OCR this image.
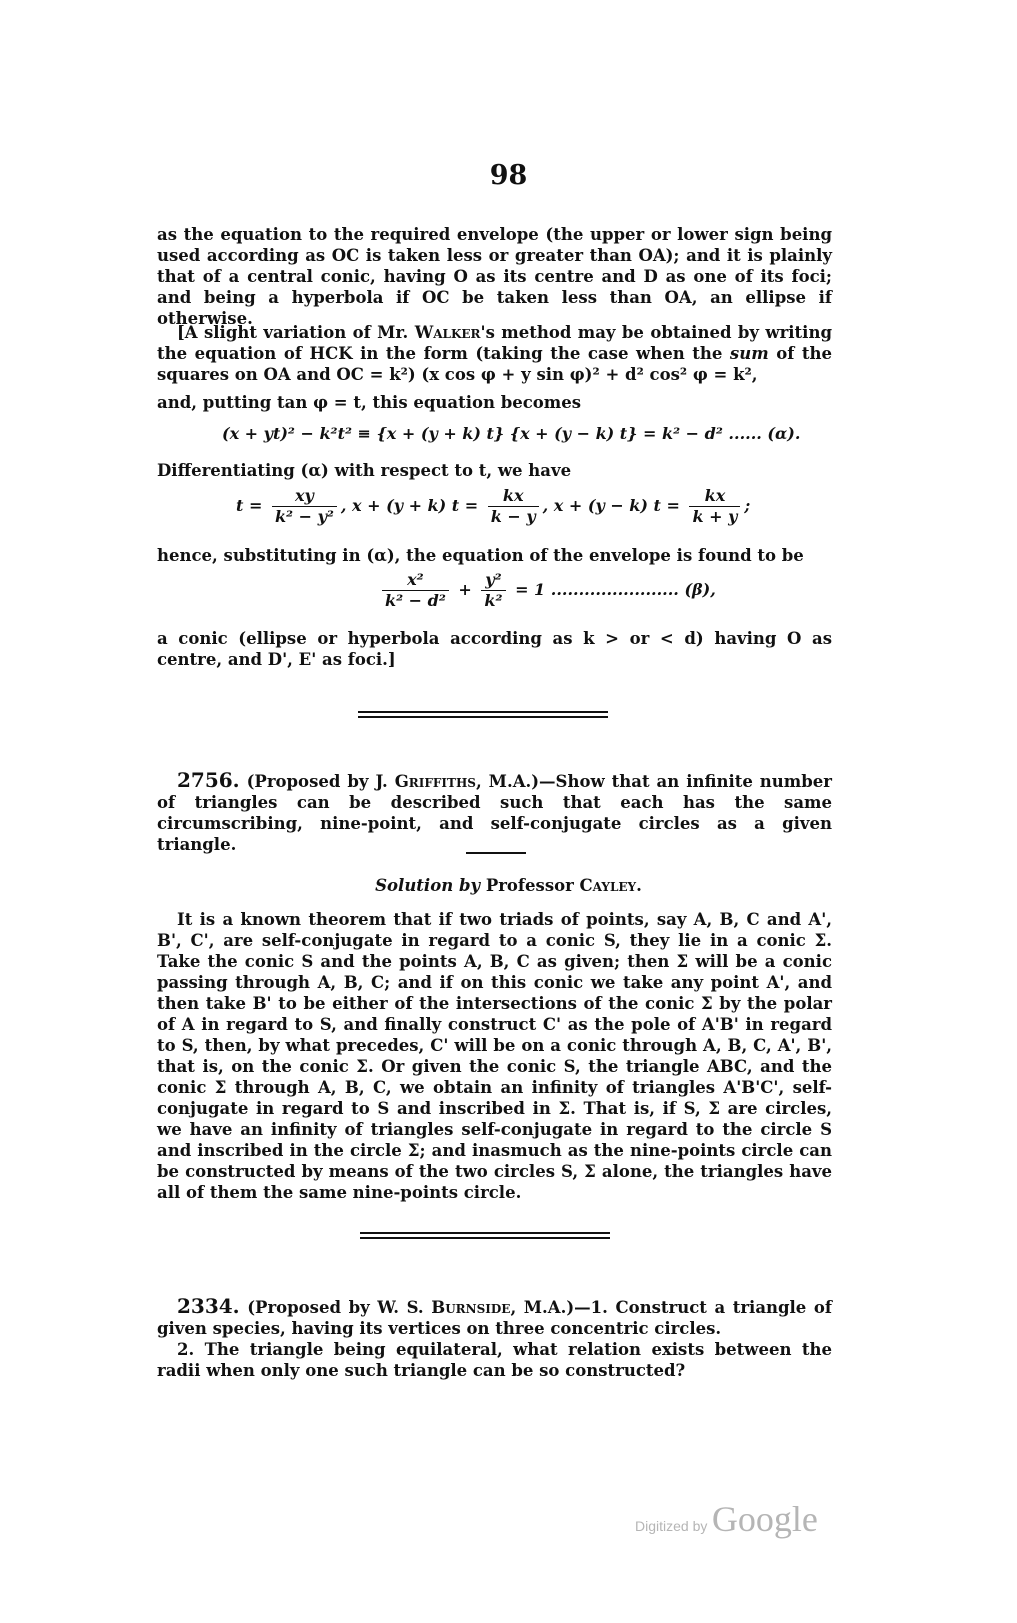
98

as the equation to the required envelope (the upper or lower sign being used according as OC is taken less or greater than OA); and it is plainly that of a central conic, having O as its centre and D as one of its foci; and being a hyperbola if OC be taken less than OA, an ellipse if otherwise.

[A slight variation of Mr. Walker's method may be obtained by writing the equation of HCK in the form (taking the case when the sum of the squares on OA and OC = k²) (x cos φ + y sin φ)² + d² cos² φ = k²,

and, putting tan φ = t, this equation becomes

(x + yt)² − k²t² ≡ {x + (y + k) t} {x + (y − k) t} = k² − d² ...... (α).

Differentiating (α) with respect to t, we have

$t = \frac{xy}{\text{k² − y²}}$ , x + (y + k) $t = \frac{kx}{k - y}$ , x + (y − k) $t = \frac{kx}{k + y}$ ;

hence, substituting in (α), the equation of the envelope is found to be

$\frac{\text{x²}}{\text{k² − d²}} + \frac{\text{y²}}{\text{k²}} = 1$ ....................... (β),

a conic (ellipse or hyperbola according as k > or < d) having O as centre, and D', E' as foci.]

2756. (Proposed by J. Griffiths, M.A.)—Show that an infinite number of triangles can be described such that each has the same circumscribing, nine-point, and self-conjugate circles as a given triangle.

Solution by Professor Cayley.

It is a known theorem that if two triads of points, say A, B, C and A', B', C', are self-conjugate in regard to a conic S, they lie in a conic Σ. Take the conic S and the points A, B, C as given; then Σ will be a conic passing through A, B, C; and if on this conic we take any point A', and then take B' to be either of the intersections of the conic Σ by the polar of A in regard to S, and finally construct C' as the pole of A'B' in regard to S, then, by what precedes, C' will be on a conic through A, B, C, A', B', that is, on the conic Σ. Or given the conic S, the triangle ABC, and the conic Σ through A, B, C, we obtain an infinity of triangles A'B'C', self-conjugate in regard to S and inscribed in Σ. That is, if S, Σ are circles, we have an infinity of triangles self-conjugate in regard to the circle S and inscribed in the circle Σ; and inasmuch as the nine-points circle can be constructed by means of the two circles S, Σ alone, the triangles have all of them the same nine-points circle.

2334. (Proposed by W. S. Burnside, M.A.)—1. Construct a triangle of given species, having its vertices on three concentric circles.

2. The triangle being equilateral, what relation exists between the radii when only one such triangle can be so constructed?

Digitized by Google
